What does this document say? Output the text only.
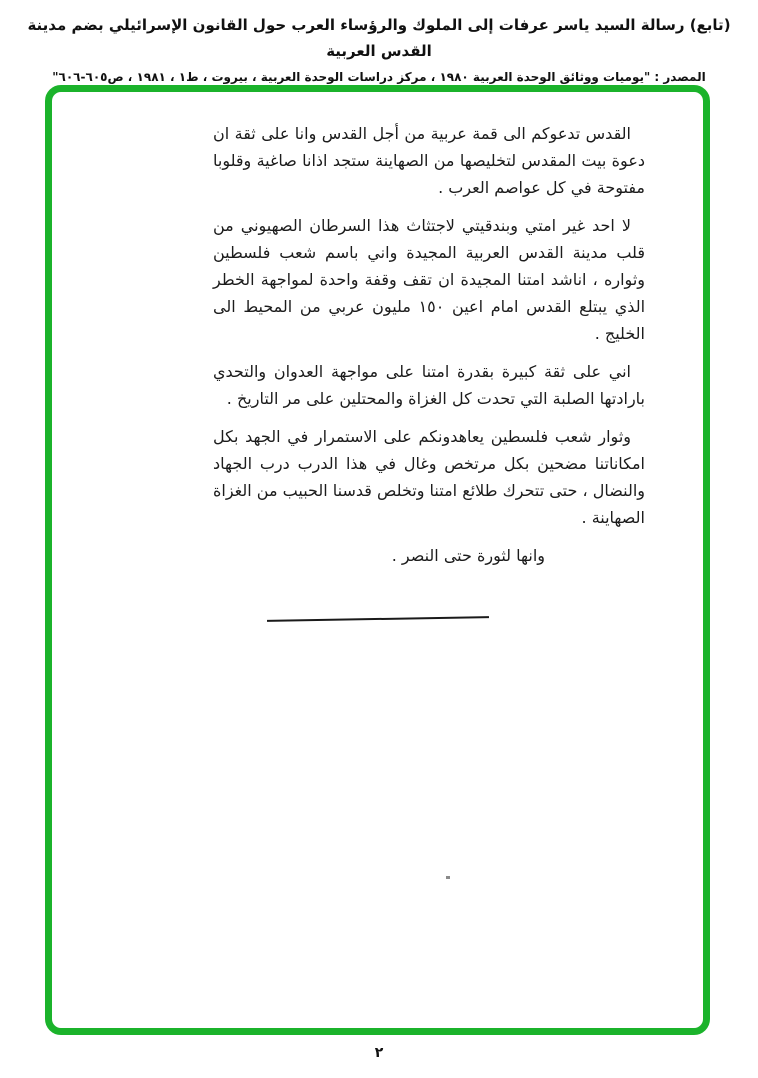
(تابع) رسالة السيد ياسر عرفات إلى الملوك والرؤساء العرب حول القانون الإسرائيلي بضم مدينة القدس العربية
المصدر : "يوميات ووثائق الوحدة العربية ١٩٨٠ ، مركز دراسات الوحدة العربية ، بيروت ، ط١ ، ١٩٨١ ، ص٦٠٥-٦٠٦"

القدس تدعوكم الى قمة عربية من أجل القدس وانا على ثقة ان دعوة بيت المقدس لتخليصها من الصهاينة ستجد اذانا صاغية وقلوبا مفتوحة في كل عواصم العرب .

لا احد غير امتي وبندقيتي لاجتثاث هذا السرطان الصهيوني من قلب مدينة القدس العربية المجيدة واني باسم شعب فلسطين وثواره ، اناشد امتنا المجيدة ان تقف وقفة واحدة لمواجهة الخطر الذي يبتلع القدس امام اعين ١٥٠ مليون عربي من المحيط الى الخليج .

اني على ثقة كبيرة بقدرة امتنا على مواجهة العدوان والتحدي بارادتها الصلبة التي تحدت كل الغزاة والمحتلين على مر التاريخ .

وثوار شعب فلسطين يعاهدونكم على الاستمرار في الجهد بكل امكاناتنا مضحين بكل مرتخص وغال في هذا الدرب درب الجهاد والنضال ، حتى تتحرك طلائع امتنا وتخلص قدسنا الحبيب من الغزاة الصهاينة .

وانها لثورة حتى النصر .

٢
